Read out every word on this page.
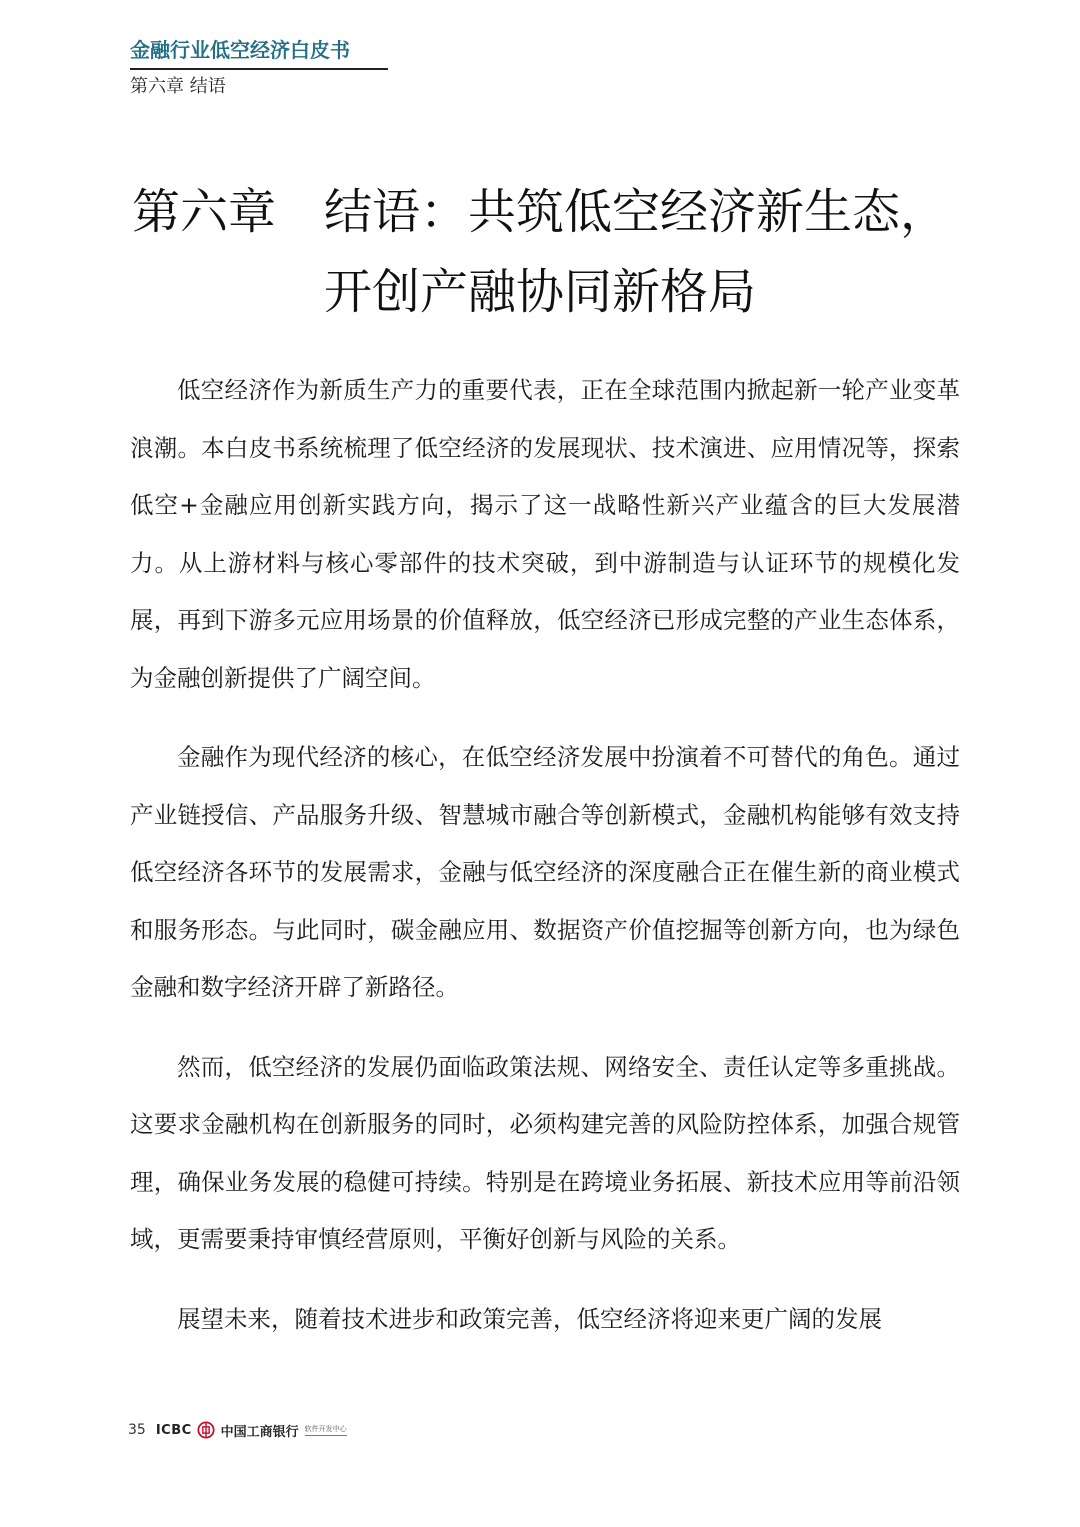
金融行业低空经济白皮书
第六章 结语
第六章　结语：共筑低空经济新生态，
开创产融协同新格局

低空经济作为新质生产力的重要代表，正在全球范围内掀起新一轮产业变革浪潮。本白皮书系统梳理了低空经济的发展现状、技术演进、应用情况等，探索低空+金融应用创新实践方向，揭示了这一战略性新兴产业蕴含的巨大发展潜力。从上游材料与核心零部件的技术突破，到中游制造与认证环节的规模化发展，再到下游多元应用场景的价值释放，低空经济已形成完整的产业生态体系，为金融创新提供了广阔空间。

金融作为现代经济的核心，在低空经济发展中扮演着不可替代的角色。通过产业链授信、产品服务升级、智慧城市融合等创新模式，金融机构能够有效支持低空经济各环节的发展需求，金融与低空经济的深度融合正在催生新的商业模式和服务形态。与此同时，碳金融应用、数据资产价值挖掘等创新方向，也为绿色金融和数字经济开辟了新路径。

然而，低空经济的发展仍面临政策法规、网络安全、责任认定等多重挑战。这要求金融机构在创新服务的同时，必须构建完善的风险防控体系，加强合规管理，确保业务发展的稳健可持续。特别是在跨境业务拓展、新技术应用等前沿领域，更需要秉持审慎经营原则，平衡好创新与风险的关系。

展望未来，随着技术进步和政策完善，低空经济将迎来更广阔的发展

35 ICBC 中国工商银行 软件开发中心
